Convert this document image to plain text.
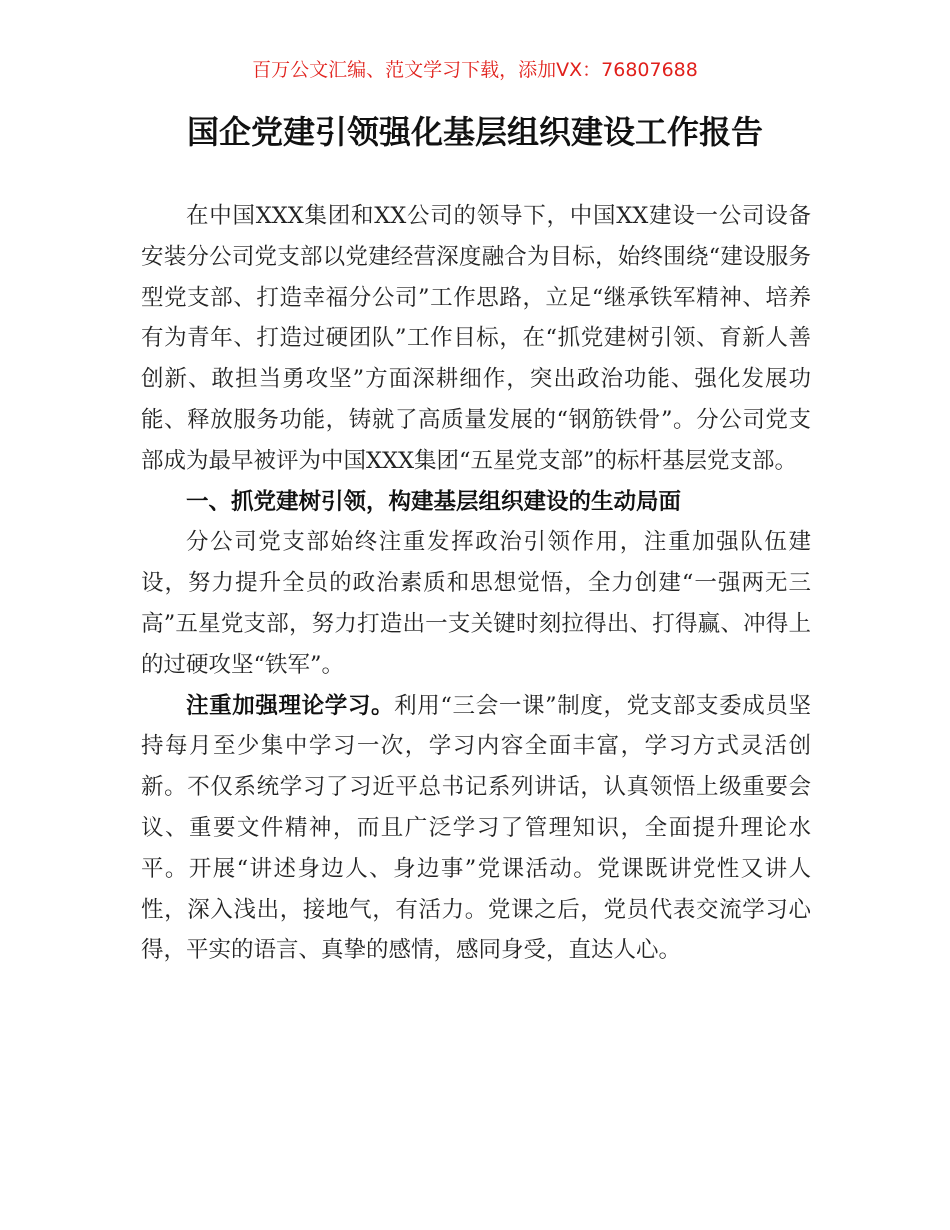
百万公文汇编、范文学习下载，添加VX：76807688
国企党建引领强化基层组织建设工作报告

在中国XXX集团和XX公司的领导下，中国XX建设一公司设备安装分公司党支部以党建经营深度融合为目标，始终围绕“建设服务型党支部、打造幸福分公司”工作思路，立足“继承铁军精神、培养有为青年、打造过硬团队”工作目标，在“抓党建树引领、育新人善创新、敢担当勇攻坚”方面深耕细作，突出政治功能、强化发展功能、释放服务功能，铸就了高质量发展的“钢筋铁骨”。分公司党支部成为最早被评为中国XXX集团“五星党支部”的标杆基层党支部。

一、抓党建树引领，构建基层组织建设的生动局面

分公司党支部始终注重发挥政治引领作用，注重加强队伍建设，努力提升全员的政治素质和思想觉悟，全力创建“一强两无三高”五星党支部，努力打造出一支关键时刻拉得出、打得赢、冲得上的过硬攻坚“铁军”。

注重加强理论学习。利用“三会一课”制度，党支部支委成员坚持每月至少集中学习一次，学习内容全面丰富，学习方式灵活创新。不仅系统学习了习近平总书记系列讲话，认真领悟上级重要会议、重要文件精神，而且广泛学习了管理知识，全面提升理论水平。开展“讲述身边人、身边事”党课活动。党课既讲党性又讲人性，深入浅出，接地气，有活力。党课之后，党员代表交流学习心得，平实的语言、真挚的感情，感同身受，直达人心。
